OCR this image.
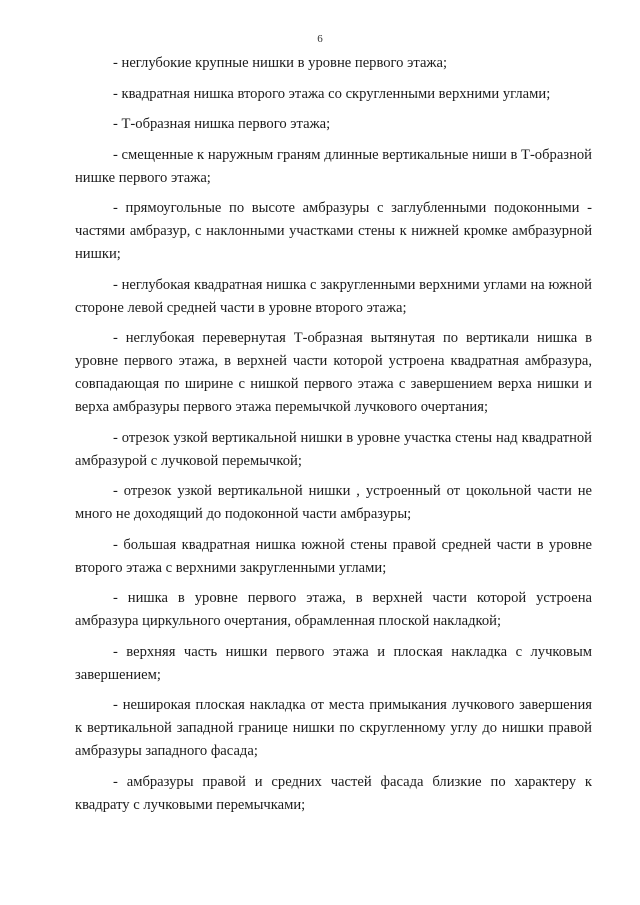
6

- неглубокие крупные нишки в уровне первого этажа;

- квадратная нишка второго этажа со скругленными верхними углами;

- Т-образная нишка первого этажа;

- смещенные к наружным граням длинные вертикальные ниши в Т-образной нишке первого этажа;

- прямоугольные по высоте амбразуры с заглубленными подоконными - частями амбразур, с наклонными участками стены к нижней кромке амбразурной нишки;

- неглубокая квадратная нишка с закругленными верхними углами на южной стороне левой средней части в уровне второго этажа;

- неглубокая перевернутая Т-образная вытянутая по вертикали нишка в уровне первого этажа, в верхней части которой устроена квадратная амбразура, совпадающая по ширине с нишкой первого этажа с завершением верха нишки и верха амбразуры первого этажа перемычкой лучкового очертания;

- отрезок узкой вертикальной нишки в уровне участка стены над квадратной амбразурой с лучковой перемычкой;

- отрезок узкой вертикальной нишки , устроенный от цокольной части не много не доходящий до подоконной части амбразуры;

- большая квадратная нишка южной стены правой средней части в уровне второго этажа с верхними закругленными углами;

- нишка в уровне первого этажа, в верхней части которой устроена амбразура циркульного очертания, обрамленная плоской накладкой;

- верхняя часть нишки первого этажа и плоская накладка с лучковым завершением;

- неширокая плоская накладка от места примыкания лучкового завершения к вертикальной западной границе нишки по скругленному углу до нишки правой амбразуры западного фасада;

- амбразуры правой и средних частей фасада близкие по характеру к квадрату с лучковыми перемычками;
